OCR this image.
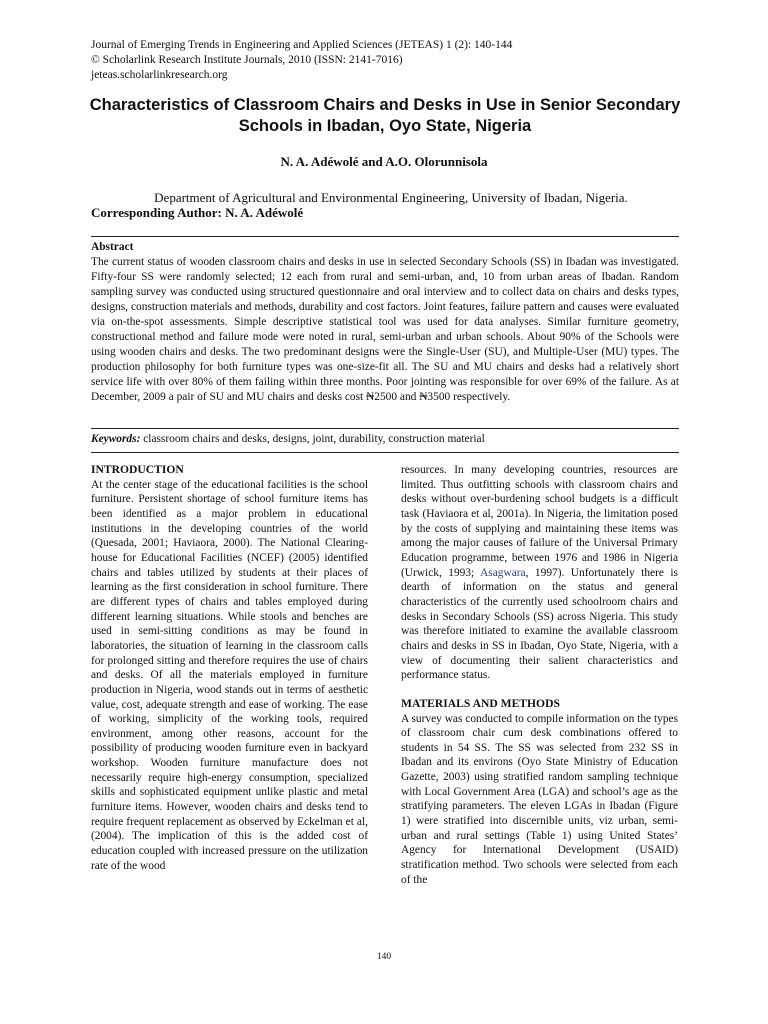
Journal of Emerging Trends in Engineering and Applied Sciences (JETEAS) 1 (2): 140-144
© Scholarlink Research Institute Journals, 2010 (ISSN: 2141-7016)
jeteas.scholarlinkresearch.org
Characteristics of Classroom Chairs and Desks in Use in Senior Secondary Schools in Ibadan, Oyo State, Nigeria
N. A. Adéwolé and A.O. Olorunnisola
Department of Agricultural and Environmental Engineering, University of Ibadan, Nigeria.
Corresponding Author: N. A. Adéwolé
Abstract
The current status of wooden classroom chairs and desks in use in selected Secondary Schools (SS) in Ibadan was investigated. Fifty-four SS were randomly selected; 12 each from rural and semi-urban, and, 10 from urban areas of Ibadan. Random sampling survey was conducted using structured questionnaire and oral interview and to collect data on chairs and desks types, designs, construction materials and methods, durability and cost factors. Joint features, failure pattern and causes were evaluated via on-the-spot assessments. Simple descriptive statistical tool was used for data analyses. Similar furniture geometry, constructional method and failure mode were noted in rural, semi-urban and urban schools. About 90% of the Schools were using wooden chairs and desks. The two predominant designs were the Single-User (SU), and Multiple-User (MU) types. The production philosophy for both furniture types was one-size-fit all. The SU and MU chairs and desks had a relatively short service life with over 80% of them failing within three months. Poor jointing was responsible for over 69% of the failure. As at December, 2009 a pair of SU and MU chairs and desks cost ₦2500 and ₦3500 respectively.
Keywords: classroom chairs and desks, designs, joint, durability, construction material
INTRODUCTION
At the center stage of the educational facilities is the school furniture. Persistent shortage of school furniture items has been identified as a major problem in educational institutions in the developing countries of the world (Quesada, 2001; Haviaora, 2000). The National Clearing-house for Educational Facilities (NCEF) (2005) identified chairs and tables utilized by students at their places of learning as the first consideration in school furniture. There are different types of chairs and tables employed during different learning situations. While stools and benches are used in semi-sitting conditions as may be found in laboratories, the situation of learning in the classroom calls for prolonged sitting and therefore requires the use of chairs and desks. Of all the materials employed in furniture production in Nigeria, wood stands out in terms of aesthetic value, cost, adequate strength and ease of working. The ease of working, simplicity of the working tools, required environment, among other reasons, account for the possibility of producing wooden furniture even in backyard workshop. Wooden furniture manufacture does not necessarily require high-energy consumption, specialized skills and sophisticated equipment unlike plastic and metal furniture items. However, wooden chairs and desks tend to require frequent replacement as observed by Eckelman et al, (2004). The implication of this is the added cost of education coupled with increased pressure on the utilization rate of the wood
resources. In many developing countries, resources are limited. Thus outfitting schools with classroom chairs and desks without over-burdening school budgets is a difficult task (Haviaora et al, 2001a). In Nigeria, the limitation posed by the costs of supplying and maintaining these items was among the major causes of failure of the Universal Primary Education programme, between 1976 and 1986 in Nigeria (Urwick, 1993; Asagwara, 1997). Unfortunately there is dearth of information on the status and general characteristics of the currently used schoolroom chairs and desks in Secondary Schools (SS) across Nigeria. This study was therefore initiated to examine the available classroom chairs and desks in SS in Ibadan, Oyo State, Nigeria, with a view of documenting their salient characteristics and performance status.
MATERIALS AND METHODS
A survey was conducted to compile information on the types of classroom chair cum desk combinations offered to students in 54 SS. The SS was selected from 232 SS in Ibadan and its environs (Oyo State Ministry of Education Gazette, 2003) using stratified random sampling technique with Local Government Area (LGA) and school’s age as the stratifying parameters. The eleven LGAs in Ibadan (Figure 1) were stratified into discernible units, viz urban, semi-urban and rural settings (Table 1) using United States’ Agency for International Development (USAID) stratification method. Two schools were selected from each of the
140
